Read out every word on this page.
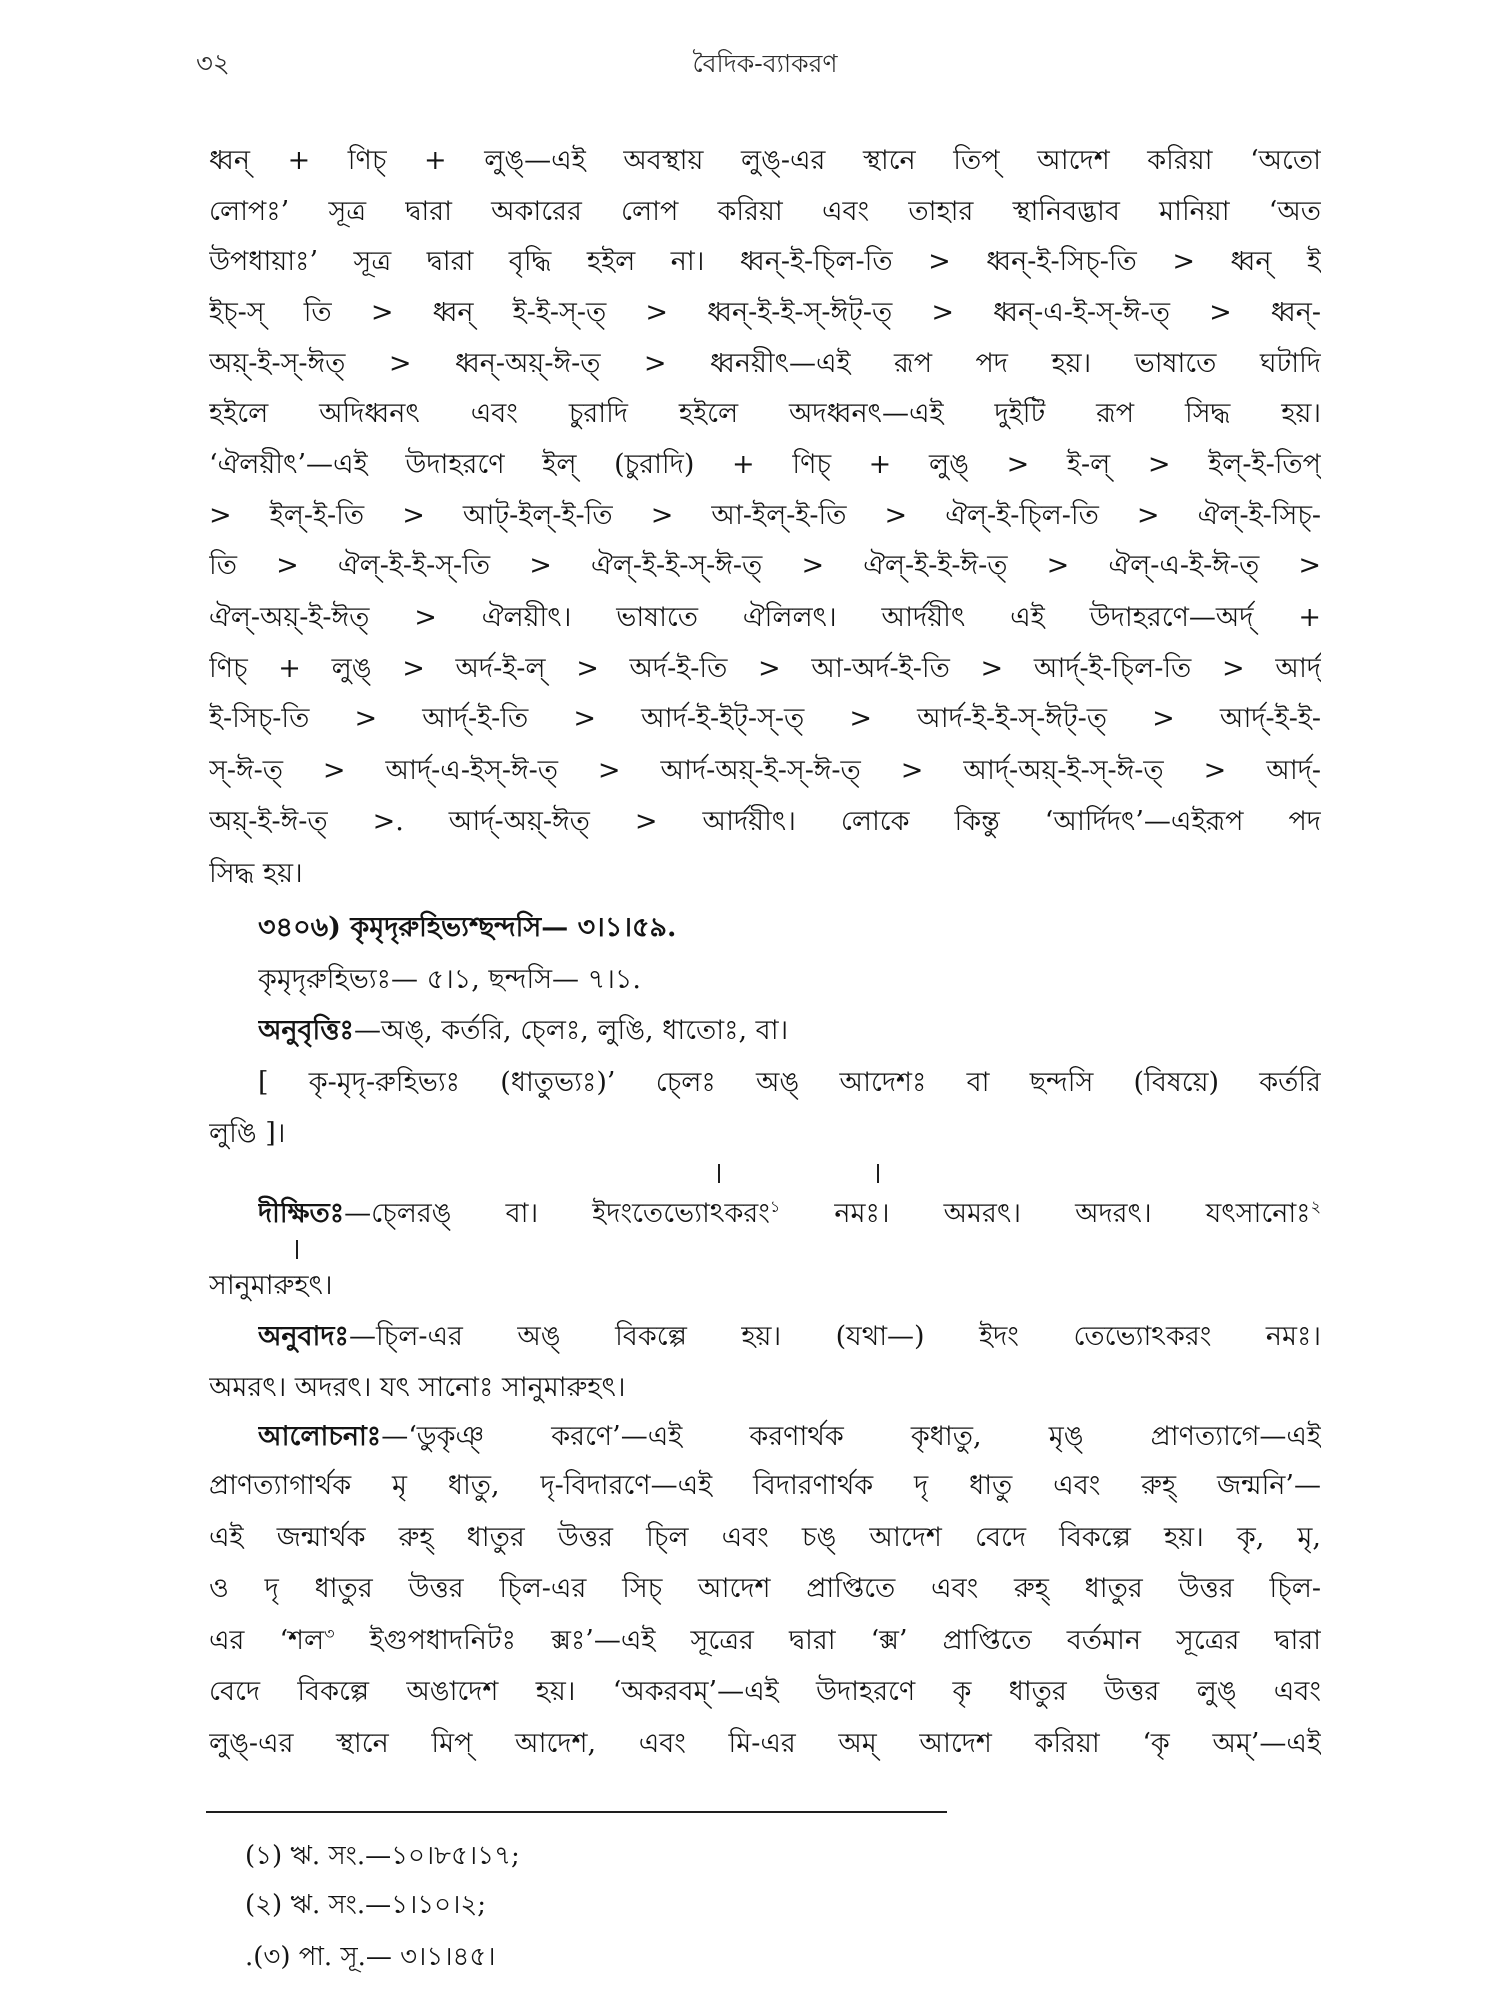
৩২	বৈদিক-ব্যাকরণ
ধ্বন্ + ণিচ্ + লুঙ্—এই অবস্থায় লুঙ্-এর স্থানে তিপ্ আদেশ করিয়া ‘অতো
লোপঃ’ সূত্র দ্বারা অকারের লোপ করিয়া এবং তাহার স্থানিবদ্ভাব মানিয়া ‘অত
উপধায়াঃ’ সূত্র দ্বারা বৃদ্ধি হইল না। ধ্বন্-ই-চ্লি-তি > ধ্বন্-ই-সিচ্-তি > ধ্বন্ ই
ইচ্-স্ তি > ধ্বন্ ই-ই-স্-ত্ > ধ্বন্-ই-ই-স্-ঈট্-ত্ > ধ্বন্-এ-ই-স্-ঈ-ত্ > ধ্বন্-
অয়্-ই-স্-ঈত্ > ধ্বন্-অয়্-ঈ-ত্ > ধ্বনয়ীৎ—এই রূপ পদ হয়। ভাষাতে ঘটাদি
হইলে অদিধ্বনৎ এবং চুরাদি হইলে অদধ্বনৎ—এই দুইটি রূপ সিদ্ধ হয়।
‘ঐলয়ীৎ’—এই উদাহরণে ইল্ (চুরাদি) + ণিচ্ + লুঙ্ > ই-ল্ > ইল্-ই-তিপ্
> ইল্-ই-তি > আট্-ইল্-ই-তি > আ-ইল্-ই-তি > ঐল্-ই-চ্লি-তি > ঐল্-ই-সিচ্-
তি > ঐল্-ই-ই-স্-তি > ঐল্-ই-ই-স্-ঈ-ত্ > ঐল্-ই-ই-ঈ-ত্ > ঐল্-এ-ই-ঈ-ত্ >
ঐল্-অয়্-ই-ঈত্ > ঐলয়ীৎ। ভাষাতে ঐলিলৎ। আর্দয়ীৎ এই উদাহরণে—অর্দ্ +
ণিচ্ + লুঙ্ > অর্দ-ই-ল্ > অর্দ-ই-তি > আ-অর্দ-ই-তি > আর্দ্-ই-চ্লি-তি > আর্দ্
ই-সিচ্-তি > আর্দ্-ই-তি > আর্দ-ই-ইট্-স্-ত্ > আর্দ-ই-ই-স্-ঈট্-ত্ > আর্দ্-ই-ই-
স্-ঈ-ত্ > আর্দ্-এ-ইস্-ঈ-ত্ > আর্দ-অয়্-ই-স্-ঈ-ত্ > আর্দ্-অয়্-ই-স্-ঈ-ত্ > আর্দ্-
অয়্-ই-ঈ-ত্ >. আর্দ্-অয়্-ঈত্ > আর্দয়ীৎ। লোকে কিন্তু ‘আর্দিদৎ’—এইরূপ পদ
সিদ্ধ হয়।
৩৪০৬) কৃমৃদৃরুহিভ্যশ্ছন্দসি— ৩।১।৫৯.
কৃমৃদৃরুহিভ্যঃ— ৫।১, ছন্দসি— ৭।১.
অনুবৃত্তিঃ—অঙ্, কর্তরি, চ্লেঃ, লুঙি, ধাতোঃ, বা।
[ কৃ-মৃদৃ-রুহিভ্যঃ (ধাতুভ্যঃ)’ চ্লেঃ অঙ্ আদেশঃ বা ছন্দসি (বিষয়ে) কর্তরি
লুঙি ]।
দীক্ষিতঃ—চ্লেরঙ্ বা। ইদংতেভ্যোঽকরং$^১$ নমঃ। অমরৎ। অদরৎ। যৎসানোঃ$^২$
সানুমারুহৎ।
অনুবাদঃ—চ্লি-এর অঙ্ বিকল্পে হয়। (যথা—) ইদং তেভ্যোঽকরং নমঃ।
অমরৎ। অদরৎ। যৎ সানোঃ সানুমারুহৎ।
আলোচনাঃ—‘ডুকৃঞ্ করণে’—এই করণার্থক কৃধাতু, মৃঙ্ প্রাণত্যাগে—এই
প্রাণত্যাগার্থক মৃ ধাতু, দৃ-বিদারণে—এই বিদারণার্থক দৃ ধাতু এবং রুহ্ জন্মনি’—
এই জন্মার্থক রুহ্ ধাতুর উত্তর চ্লি এবং চঙ্ আদেশ বেদে বিকল্পে হয়। কৃ, মৃ,
ও দৃ ধাতুর উত্তর চ্লি-এর সিচ্ আদেশ প্রাপ্তিতে এবং রুহ্ ধাতুর উত্তর চ্লি-
এর ‘শল$^৩$ ইগুপধাদনিটঃ ক্সঃ’—এই সূত্রের দ্বারা ‘ক্স’ প্রাপ্তিতে বর্তমান সূত্রের দ্বারা
বেদে বিকল্পে অঙাদেশ হয়। ‘অকরবম্’—এই উদাহরণে কৃ ধাতুর উত্তর লুঙ্ এবং
লুঙ্-এর স্থানে মিপ্ আদেশ, এবং মি-এর অম্ আদেশ করিয়া ‘কৃ অম্’—এই
(১) ঋ. সং.—১০।৮৫।১৭;
(২) ঋ. সং.—১।১০।২;
.(৩) পা. সূ.— ৩।১।৪৫।
